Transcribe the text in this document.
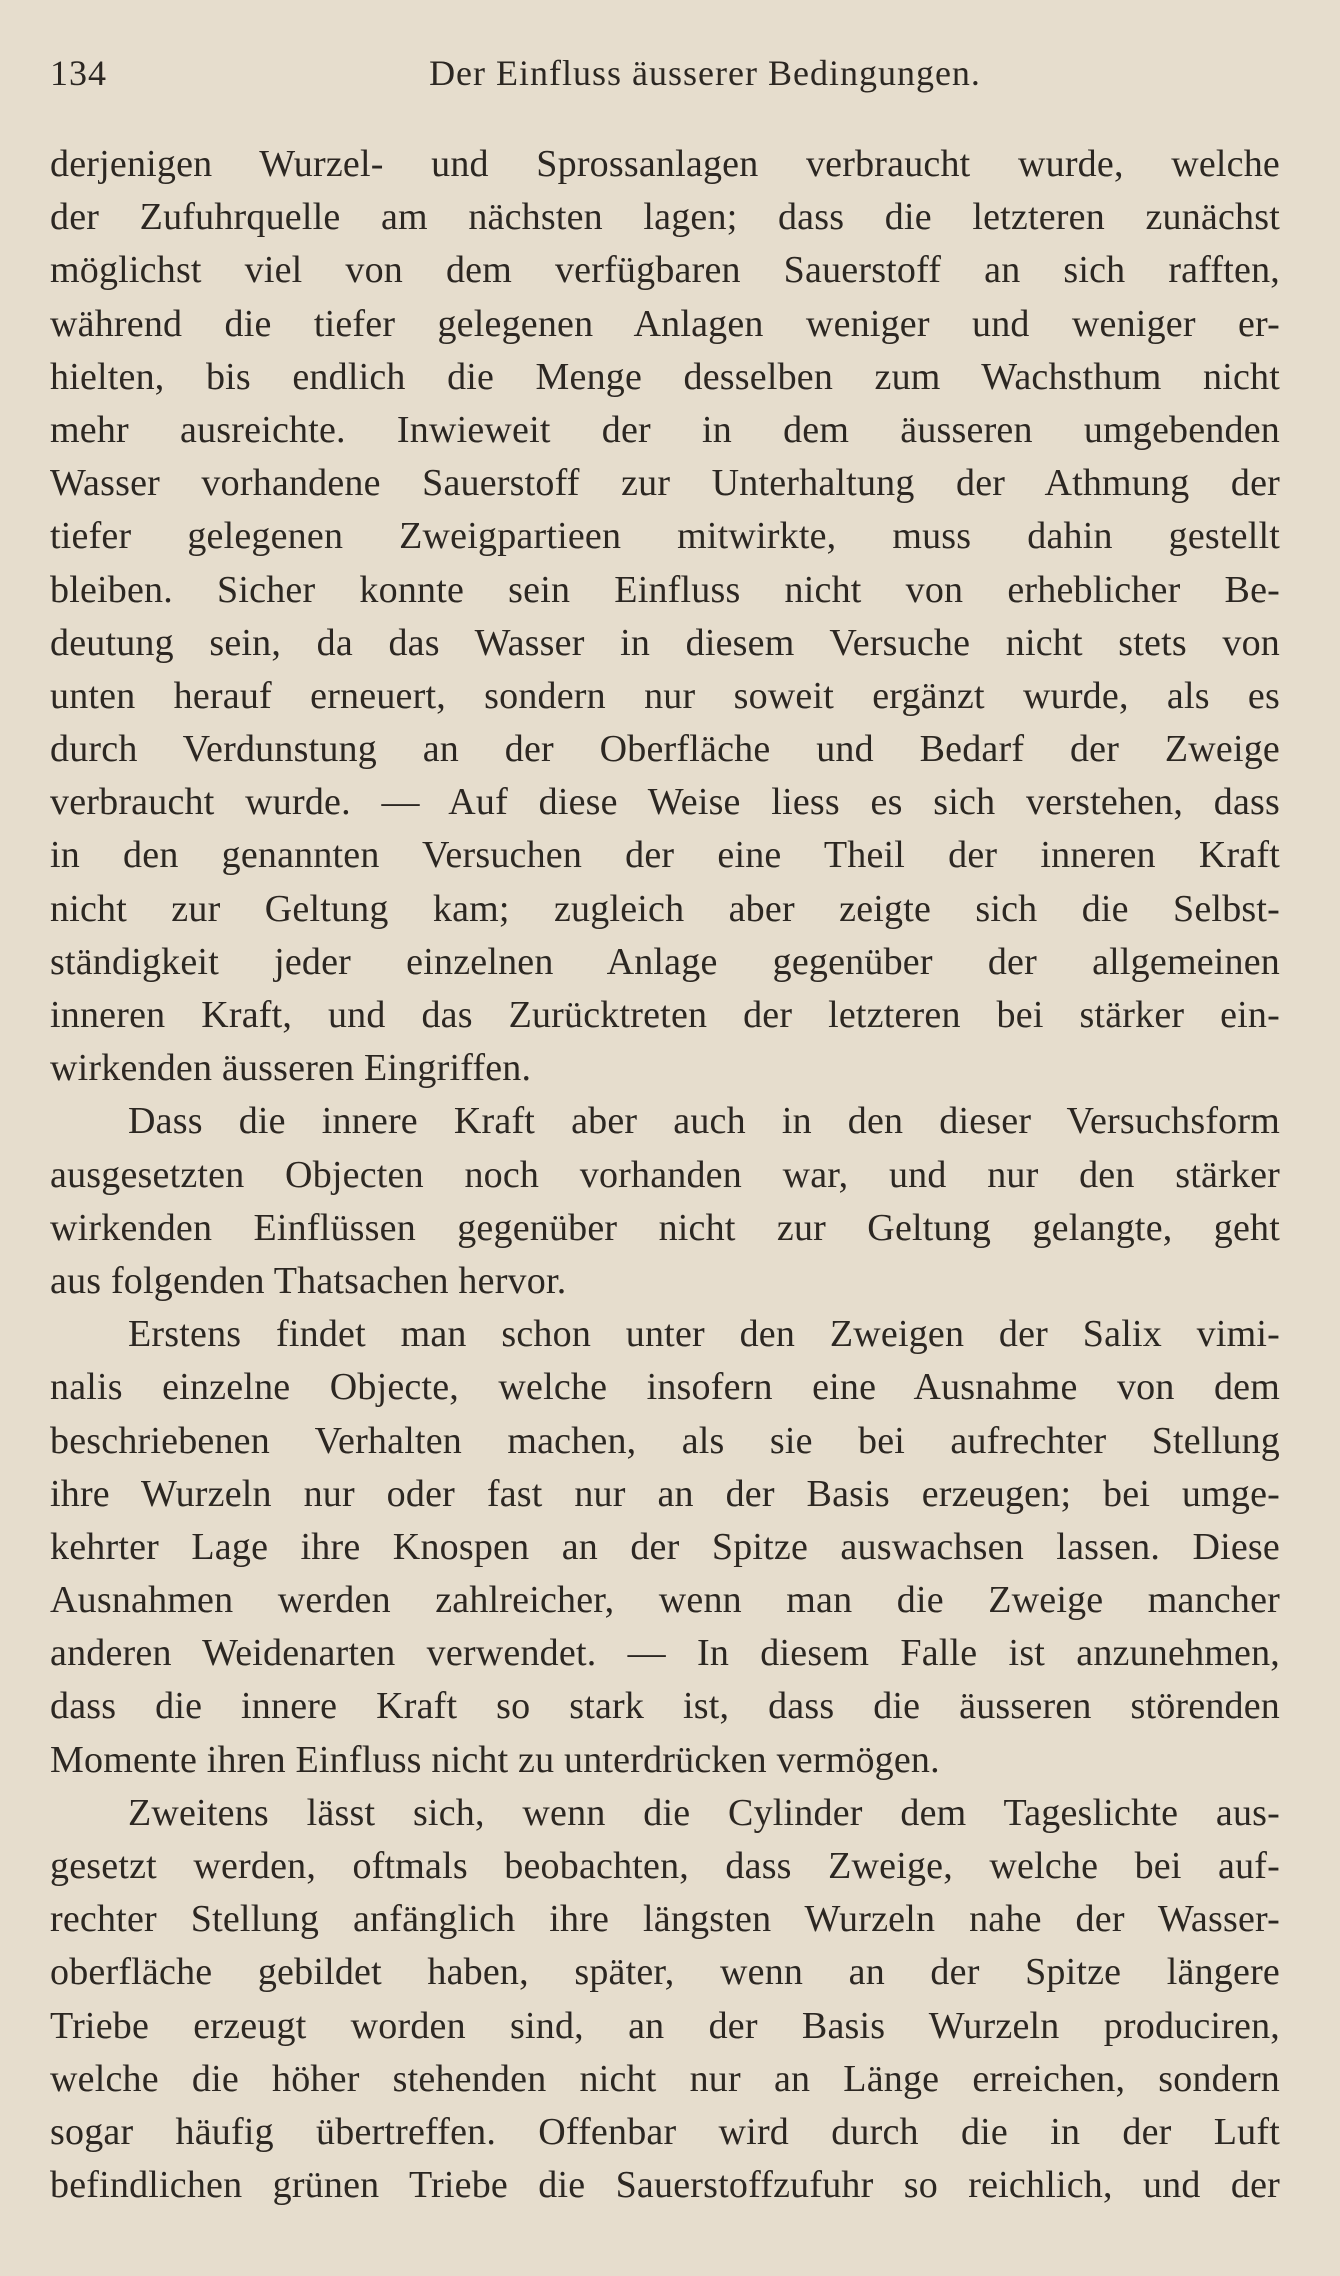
134	Der Einfluss äusserer Bedingungen.
derjenigen Wurzel- und Sprossanlagen verbraucht wurde, welche
der Zufuhrquelle am nächsten lagen; dass die letzteren zunächst
möglichst viel von dem verfügbaren Sauerstoff an sich rafften,
während die tiefer gelegenen Anlagen weniger und weniger er-
hielten, bis endlich die Menge desselben zum Wachsthum nicht
mehr ausreichte. Inwieweit der in dem äusseren umgebenden
Wasser vorhandene Sauerstoff zur Unterhaltung der Athmung der
tiefer gelegenen Zweigpartieen mitwirkte, muss dahin gestellt
bleiben. Sicher konnte sein Einfluss nicht von erheblicher Be-
deutung sein, da das Wasser in diesem Versuche nicht stets von
unten herauf erneuert, sondern nur soweit ergänzt wurde, als es
durch Verdunstung an der Oberfläche und Bedarf der Zweige
verbraucht wurde. — Auf diese Weise liess es sich verstehen, dass
in den genannten Versuchen der eine Theil der inneren Kraft
nicht zur Geltung kam; zugleich aber zeigte sich die Selbst-
ständigkeit jeder einzelnen Anlage gegenüber der allgemeinen
inneren Kraft, und das Zurücktreten der letzteren bei stärker ein-
wirkenden äusseren Eingriffen.
Dass die innere Kraft aber auch in den dieser Versuchsform
ausgesetzten Objecten noch vorhanden war, und nur den stärker
wirkenden Einflüssen gegenüber nicht zur Geltung gelangte, geht
aus folgenden Thatsachen hervor.
Erstens findet man schon unter den Zweigen der Salix vimi-
nalis einzelne Objecte, welche insofern eine Ausnahme von dem
beschriebenen Verhalten machen, als sie bei aufrechter Stellung
ihre Wurzeln nur oder fast nur an der Basis erzeugen; bei umge-
kehrter Lage ihre Knospen an der Spitze auswachsen lassen. Diese
Ausnahmen werden zahlreicher, wenn man die Zweige mancher
anderen Weidenarten verwendet. — In diesem Falle ist anzunehmen,
dass die innere Kraft so stark ist, dass die äusseren störenden
Momente ihren Einfluss nicht zu unterdrücken vermögen.
Zweitens lässt sich, wenn die Cylinder dem Tageslichte aus-
gesetzt werden, oftmals beobachten, dass Zweige, welche bei auf-
rechter Stellung anfänglich ihre längsten Wurzeln nahe der Wasser-
oberfläche gebildet haben, später, wenn an der Spitze längere
Triebe erzeugt worden sind, an der Basis Wurzeln produciren,
welche die höher stehenden nicht nur an Länge erreichen, sondern
sogar häufig übertreffen. Offenbar wird durch die in der Luft
befindlichen grünen Triebe die Sauerstoffzufuhr so reichlich, und der
